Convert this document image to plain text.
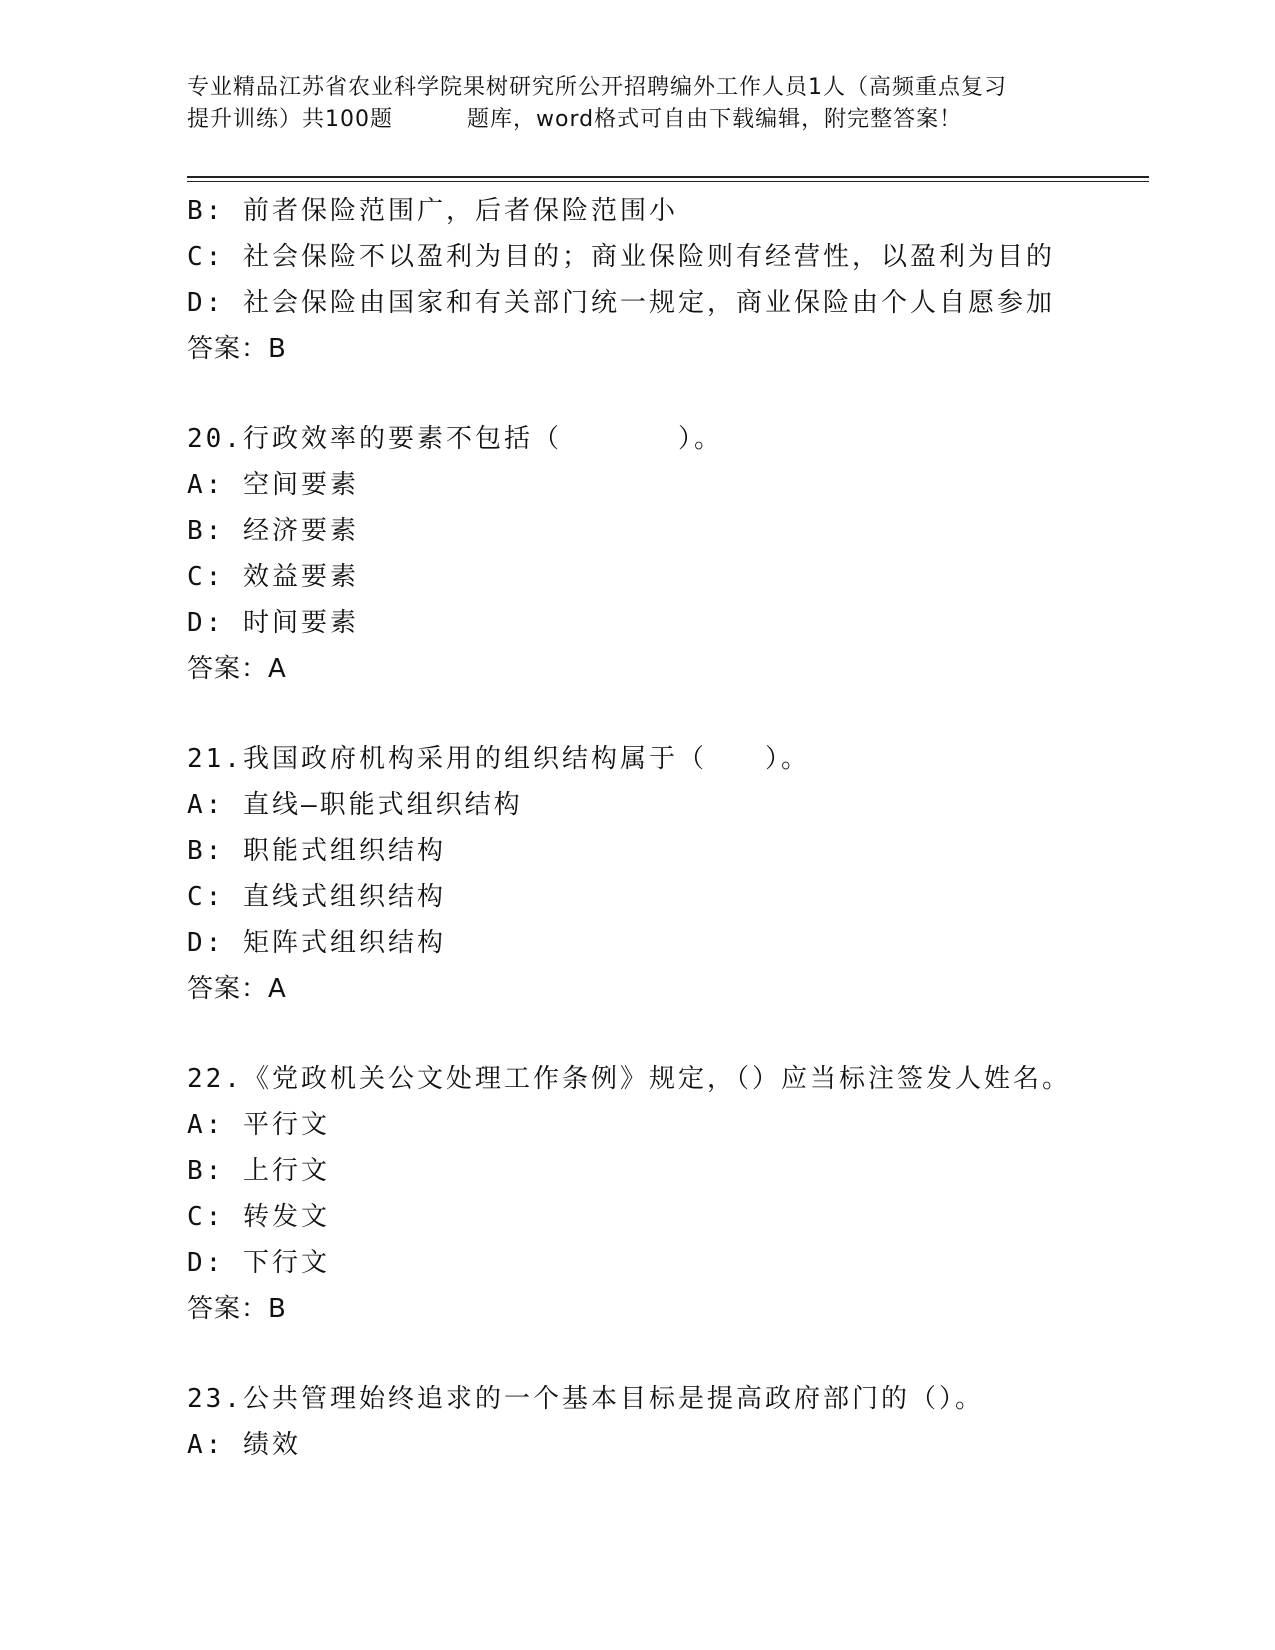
专业精品江苏省农业科学院果树研究所公开招聘编外工作人员1人（高频重点复习
提升训练）共100题	题库，word格式可自由下载编辑，附完整答案！
B: 前者保险范围广，后者保险范围小
C: 社会保险不以盈利为目的；商业保险则有经营性，以盈利为目的
D: 社会保险由国家和有关部门统一规定，商业保险由个人自愿参加
答案：B
20.行政效率的要素不包括（　　　　）。
A: 空间要素
B: 经济要素
C: 效益要素
D: 时间要素
答案：A
21.我国政府机构采用的组织结构属于（　　）。
A: 直线—职能式组织结构
B: 职能式组织结构
C: 直线式组织结构
D: 矩阵式组织结构
答案：A
22.《党政机关公文处理工作条例》规定，（）应当标注签发人姓名。
A: 平行文
B: 上行文
C: 转发文
D: 下行文
答案：B
23.公共管理始终追求的一个基本目标是提高政府部门的（）。
A: 绩效
